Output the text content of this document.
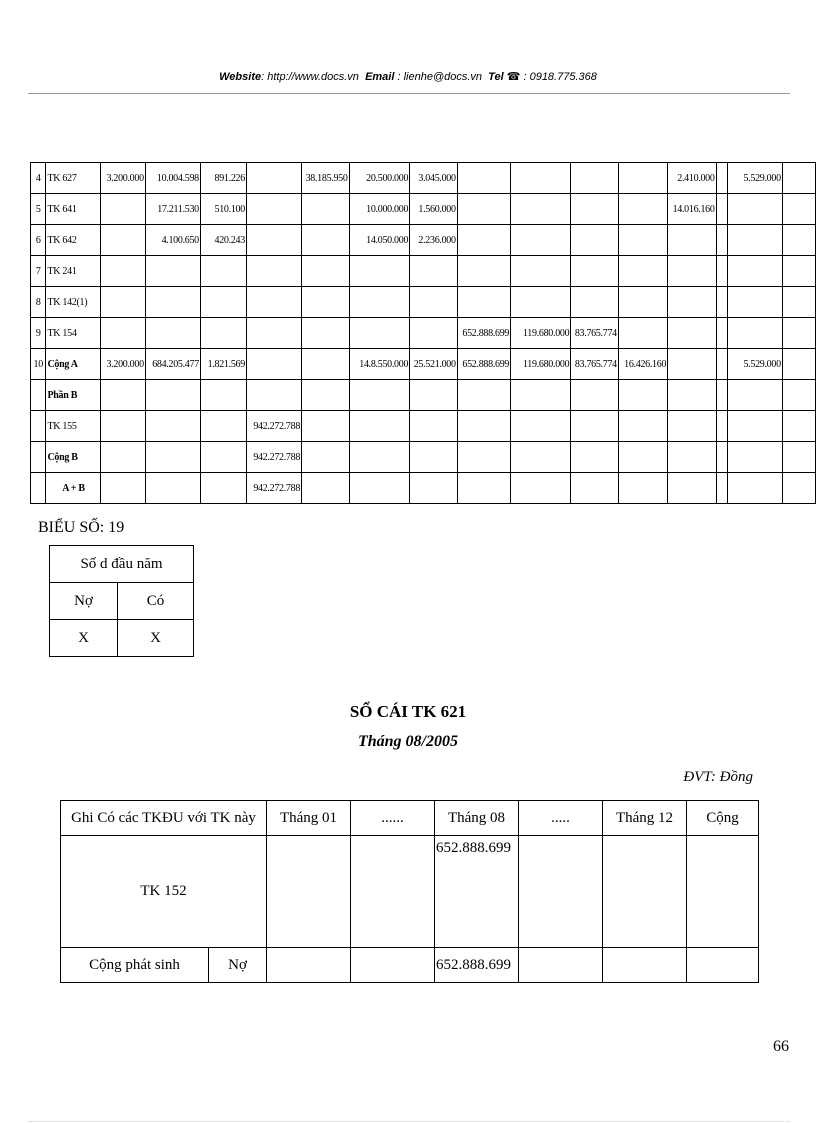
Website: http://www.docs.vn Email : lienhe@docs.vn Tel ☎ : 0918.775.368
4	TK 627	3.200.000	10.004.598	891.226		38.185.950	20.500.000	3.045.000					2.410.000		5.529.000	
5	TK 641		17.211.530	510.100			10.000.000	1.560.000					14.016.160			
6	TK 642		4.100.650	420.243			14.050.000	2.236.000								
7	TK 241															
8	TK 142(1)															
9	TK 154								652.888.699	119.680.000	83.765.774					
10	Cộng A	3.200.000	684.205.477	1.821.569			14.8.550.000	25.521.000	652.888.699	119.680.000	83.765.774	16.426.160			5.529.000	
	Phần B															
	TK 155				942.272.788											
	Cộng B				942.272.788											
	A + B				942.272.788											
BIỂU SỐ: 19
Số d đầu năm	
Nợ	Có
X	X
SỔ CÁI TK 621
Tháng 08/2005
ĐVT: Đồng
Ghi Có các TKĐU với TK này		Tháng 01	......	Tháng 08	.....	Tháng 12	Cộng
TK 152				652.888.699			
Cộng phát sinh	Nợ			652.888.699			
66
